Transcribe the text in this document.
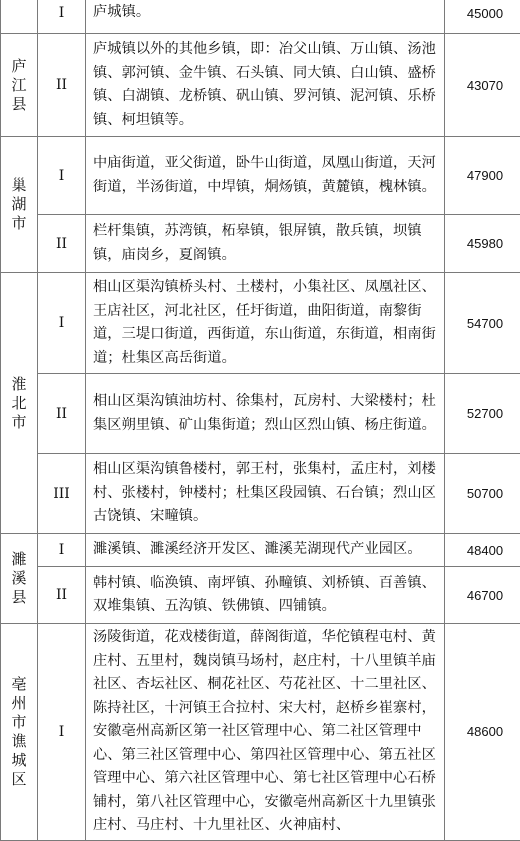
	I	庐城镇。	45000
庐江县	II	庐城镇以外的其他乡镇，即：冶父山镇、万山镇、汤池镇、郭河镇、金牛镇、石头镇、同大镇、白山镇、盛桥镇、白湖镇、龙桥镇、矾山镇、罗河镇、泥河镇、乐桥镇、柯坦镇等。	43070
巢湖市	I	中庙街道，亚父街道，卧牛山街道，凤凰山街道，天河街道，半汤街道，中垾镇，烔炀镇，黄麓镇，槐林镇。	47900
	II	栏杆集镇，苏湾镇，柘皋镇，银屏镇，散兵镇，坝镇镇，庙岗乡，夏阁镇。	45980
淮北市	I	相山区渠沟镇桥头村、土楼村，小集社区、凤凰社区、王店社区，河北社区，任圩街道，曲阳街道，南黎街道，三堤口街道，西街道，东山街道，东街道，相南街道；杜集区高岳街道。	54700
	II	相山区渠沟镇油坊村、徐集村，瓦房村、大梁楼村；杜集区朔里镇、矿山集街道；烈山区烈山镇、杨庄街道。	52700
	III	相山区渠沟镇鲁楼村，郭王村，张集村，孟庄村，刘楼村、张楼村，钟楼村；杜集区段园镇、石台镇；烈山区古饶镇、宋疃镇。	50700
濉溪县	I	濉溪镇、濉溪经济开发区、濉溪芜湖现代产业园区。	48400
	II	韩村镇、临涣镇、南坪镇、孙疃镇、刘桥镇、百善镇、双堆集镇、五沟镇、铁佛镇、四铺镇。	46700
亳州市谯城区	I	汤陵街道，花戏楼街道，薛阁街道，华佗镇程屯村、黄庄村、五里村，魏岗镇马场村，赵庄村，十八里镇羊庙社区、杏坛社区、桐花社区、芍花社区、十二里社区、陈持社区，十河镇王合拉村、宋大村，赵桥乡崔寨村，安徽亳州高新区第一社区管理中心、第二社区管理中心、第三社区管理中心、第四社区管理中心、第五社区管理中心、第六社区管理中心、第七社区管理中心石桥铺村，第八社区管理中心，安徽亳州高新区十九里镇张庄村、马庄村、十九里社区、火神庙村、	48600
